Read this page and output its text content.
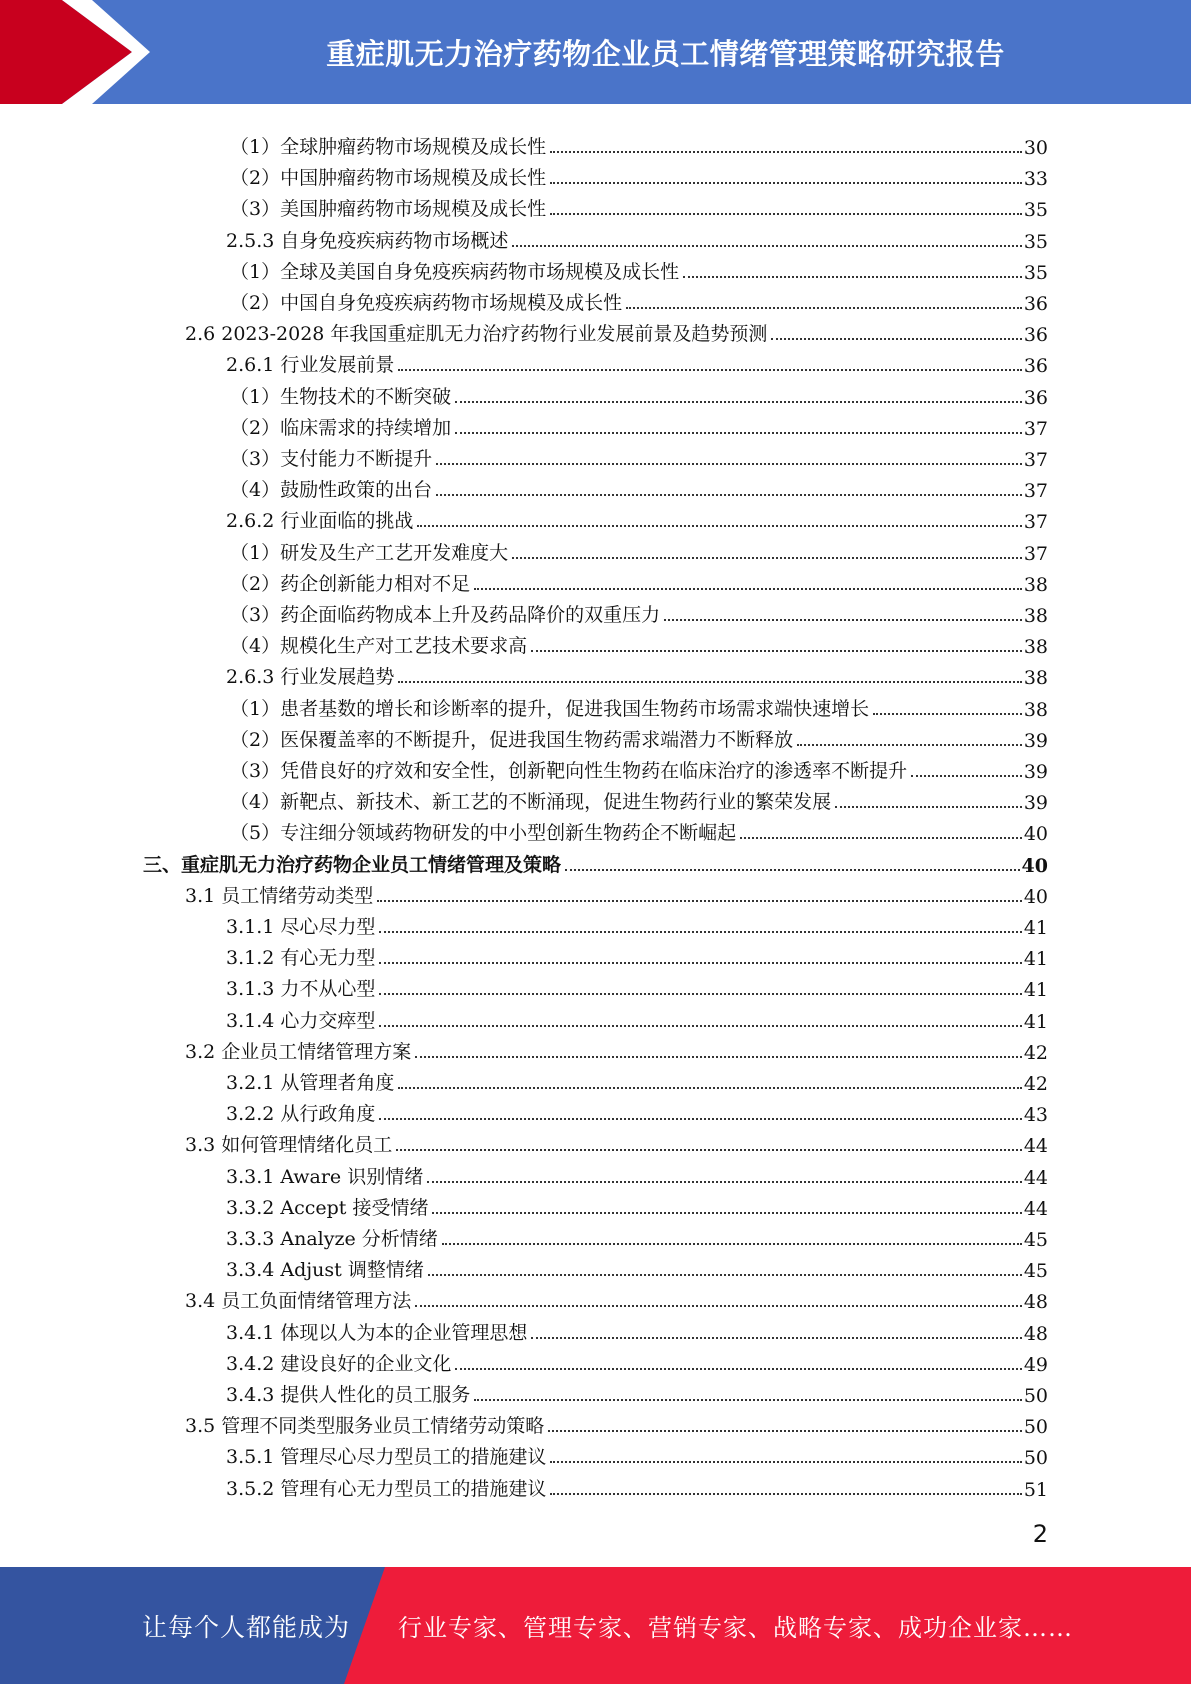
重症肌无力治疗药物企业员工情绪管理策略研究报告
（1）全球肿瘤药物市场规模及成长性	30
（2）中国肿瘤药物市场规模及成长性	33
（3）美国肿瘤药物市场规模及成长性	35
2.5.3 自身免疫疾病药物市场概述	35
（1）全球及美国自身免疫疾病药物市场规模及成长性	35
（2）中国自身免疫疾病药物市场规模及成长性	36
2.6 2023-2028 年我国重症肌无力治疗药物行业发展前景及趋势预测	36
2.6.1 行业发展前景	36
（1）生物技术的不断突破	36
（2）临床需求的持续增加	37
（3）支付能力不断提升	37
（4）鼓励性政策的出台	37
2.6.2 行业面临的挑战	37
（1）研发及生产工艺开发难度大	37
（2）药企创新能力相对不足	38
（3）药企面临药物成本上升及药品降价的双重压力	38
（4）规模化生产对工艺技术要求高	38
2.6.3 行业发展趋势	38
（1）患者基数的增长和诊断率的提升，促进我国生物药市场需求端快速增长	38
（2）医保覆盖率的不断提升，促进我国生物药需求端潜力不断释放	39
（3）凭借良好的疗效和安全性，创新靶向性生物药在临床治疗的渗透率不断提升	39
（4）新靶点、新技术、新工艺的不断涌现，促进生物药行业的繁荣发展	39
（5）专注细分领域药物研发的中小型创新生物药企不断崛起	40
三、重症肌无力治疗药物企业员工情绪管理及策略	40
3.1 员工情绪劳动类型	40
3.1.1 尽心尽力型	41
3.1.2 有心无力型	41
3.1.3 力不从心型	41
3.1.4 心力交瘁型	41
3.2 企业员工情绪管理方案	42
3.2.1 从管理者角度	42
3.2.2 从行政角度	43
3.3 如何管理情绪化员工	44
3.3.1 Aware 识别情绪	44
3.3.2 Accept 接受情绪	44
3.3.3 Analyze 分析情绪	45
3.3.4 Adjust 调整情绪	45
3.4 员工负面情绪管理方法	48
3.4.1 体现以人为本的企业管理思想	48
3.4.2 建设良好的企业文化	49
3.4.3 提供人性化的员工服务	50
3.5 管理不同类型服务业员工情绪劳动策略	50
3.5.1 管理尽心尽力型员工的措施建议	50
3.5.2 管理有心无力型员工的措施建议	51
2
让每个人都能成为 行业专家、管理专家、营销专家、战略专家、成功企业家……
